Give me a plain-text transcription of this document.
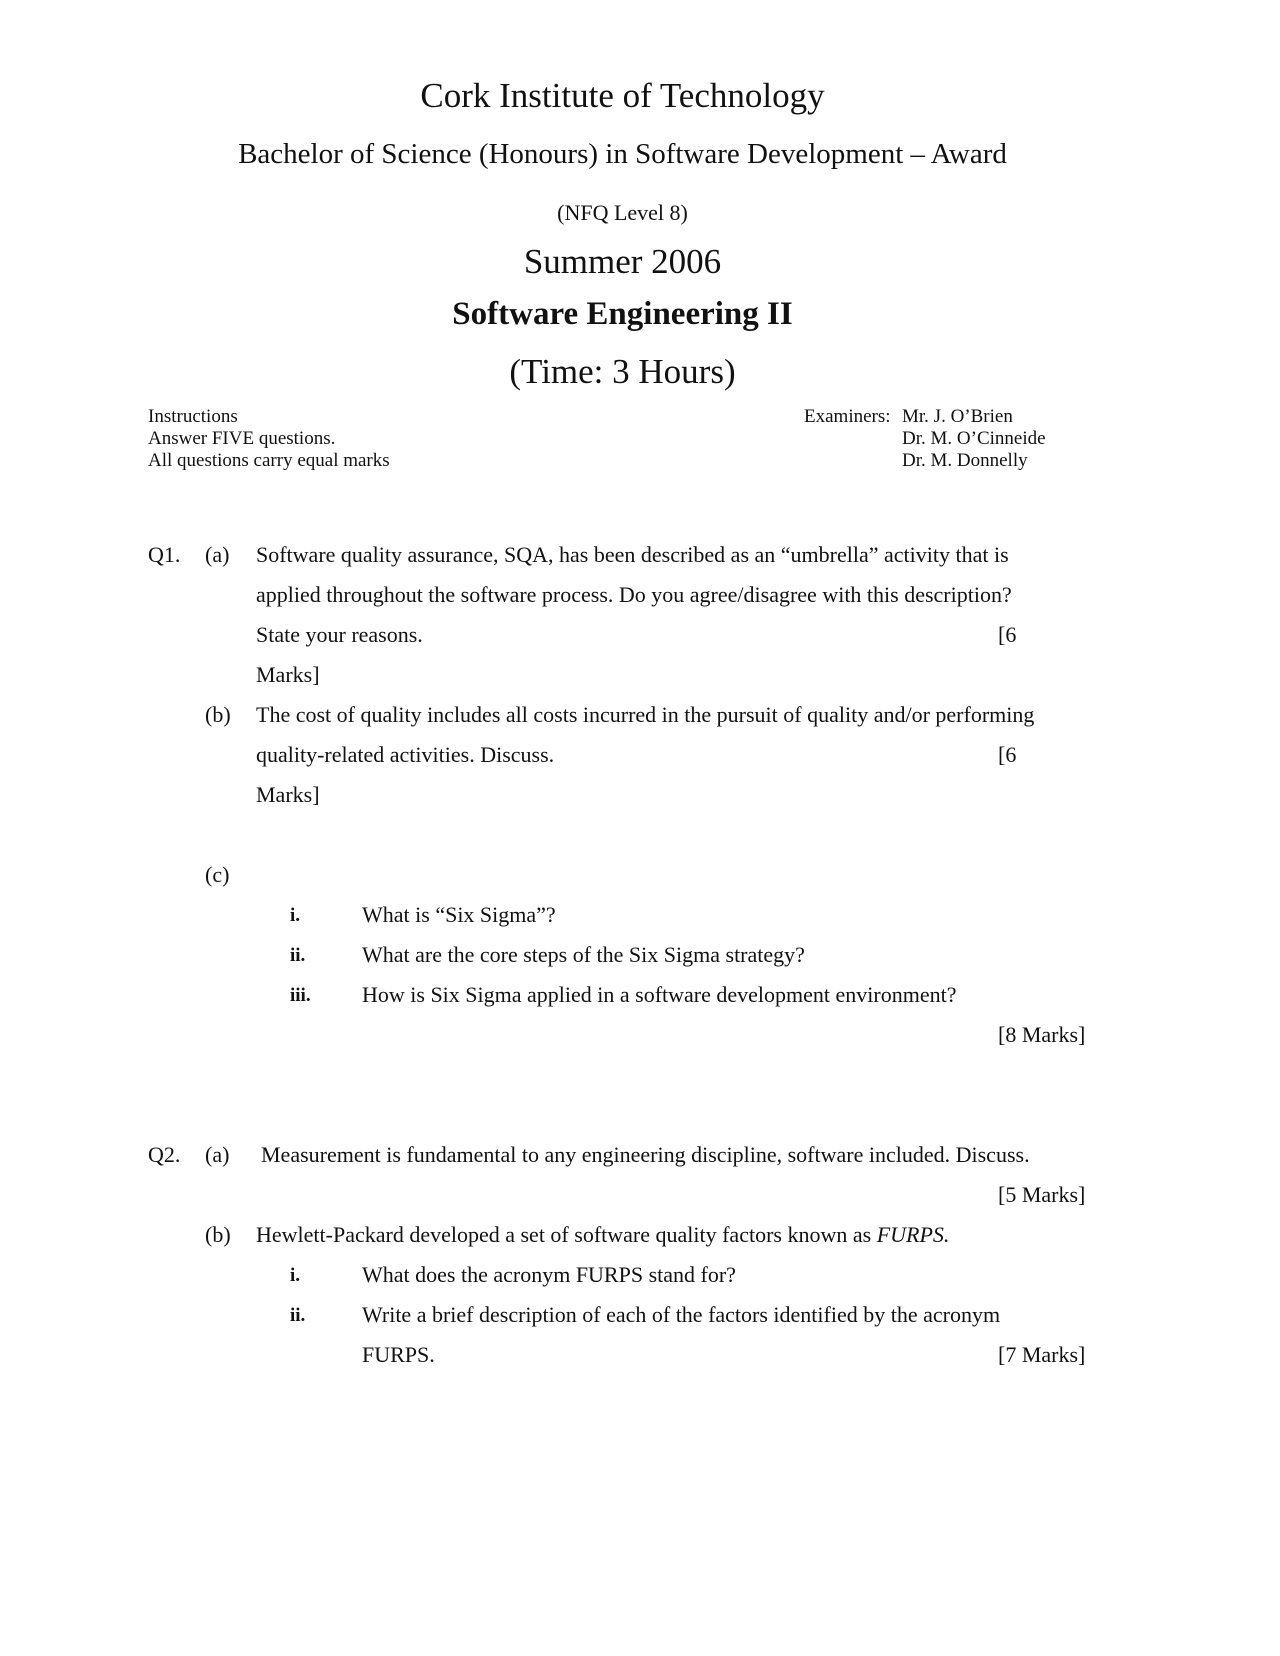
Cork Institute of Technology
Bachelor of Science (Honours) in Software Development – Award
(NFQ Level 8)
Summer 2006
Software Engineering II
(Time: 3 Hours)
Instructions
Answer FIVE questions.
All questions carry equal marks
Examiners: Mr. J. O’Brien
Dr. M. O’Cinneide
Dr. M. Donnelly
Q1. (a) Software quality assurance, SQA, has been described as an “umbrella” activity that is
applied throughout the software process. Do you agree/disagree with this description?
State your reasons.	[6
Marks]
(b) The cost of quality includes all costs incurred in the pursuit of quality and/or performing
quality-related activities. Discuss.	[6
Marks]
(c)
i.	What is “Six Sigma”?
ii.	What are the core steps of the Six Sigma strategy?
iii. How is Six Sigma applied in a software development environment?
[8 Marks]
Q2. (a) Measurement is fundamental to any engineering discipline, software included. Discuss.
[5 Marks]
(b) Hewlett-Packard developed a set of software quality factors known as FURPS.
i.	What does the acronym FURPS stand for?
ii.	Write a brief description of each of the factors identified by the acronym
FURPS.	[7 Marks]
